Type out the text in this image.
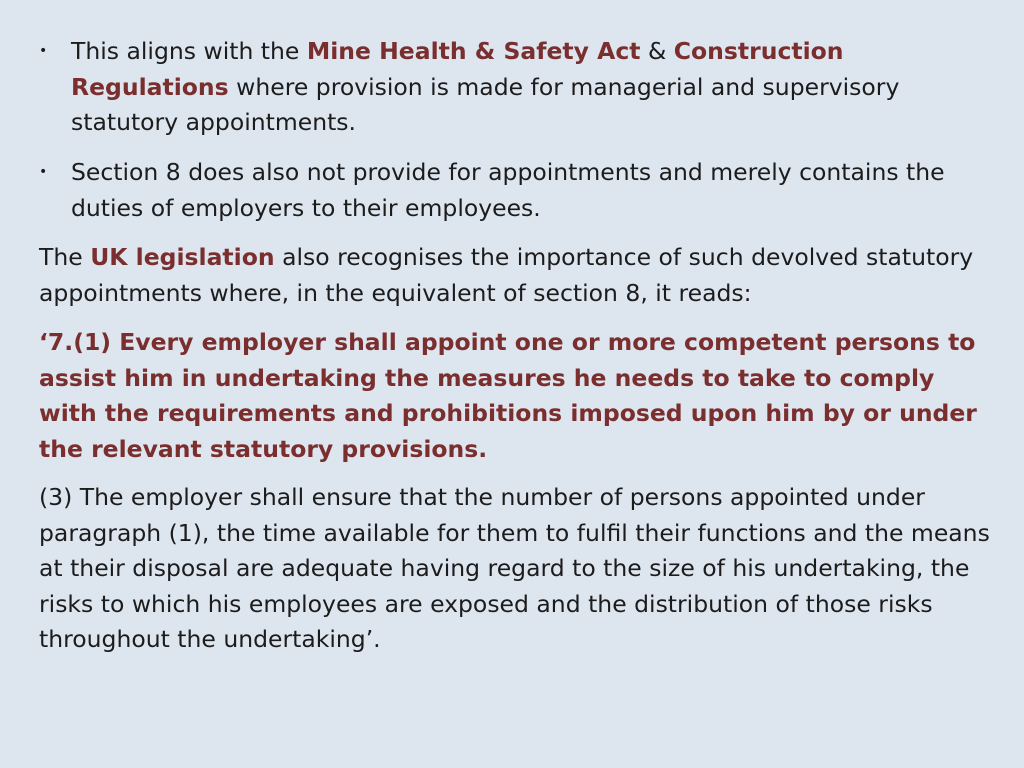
• This aligns with the Mine Health & Safety Act & Construction Regulations where provision is made for managerial and supervisory statutory appointments.
• Section 8 does also not provide for appointments and merely contains the duties of employers to their employees.

The UK legislation also recognises the importance of such devolved statutory appointments where, in the equivalent of section 8, it reads:

‘7.(1) Every employer shall appoint one or more competent persons to assist him in undertaking the measures he needs to take to comply with the requirements and prohibitions imposed upon him by or under the relevant statutory provisions.

(3) The employer shall ensure that the number of persons appointed under paragraph (1), the time available for them to fulfil their functions and the means at their disposal are adequate having regard to the size of his undertaking, the risks to which his employees are exposed and the distribution of those risks throughout the undertaking’.
